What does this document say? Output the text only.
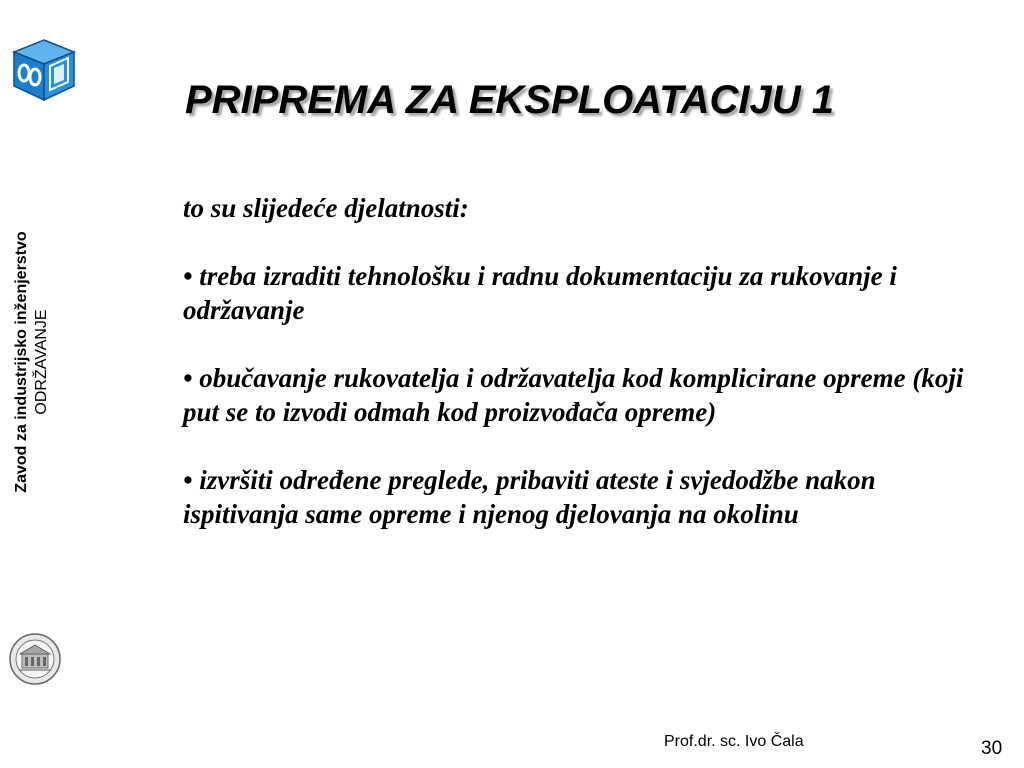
Zavod za industrijsko inženjerstvo ODRŽAVANJE
PRIPREMA ZA EKSPLOATACIJU 1

to su slijedeće djelatnosti:

• treba izraditi tehnološku i radnu dokumentaciju za rukovanje i održavanje

• obučavanje rukovatelja i održavatelja kod komplicirane opreme (koji put se to izvodi odmah kod proizvođača opreme)

• izvršiti određene preglede, pribaviti ateste i svjedodžbe nakon ispitivanja same opreme i njenog djelovanja na okolinu

Prof.dr. sc. Ivo Čala	30
